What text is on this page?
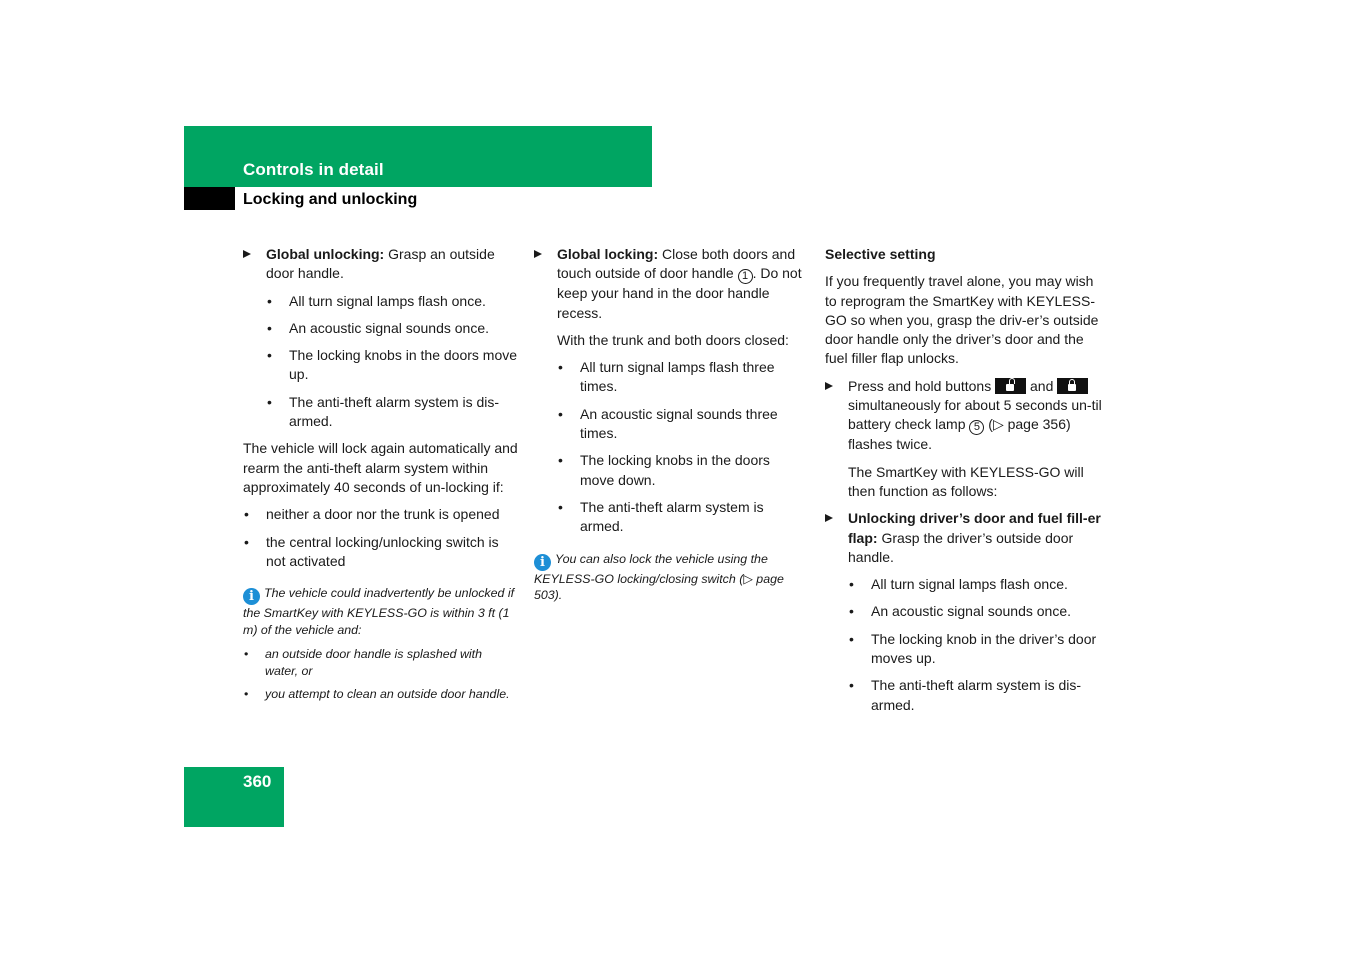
Controls in detail
Locking and unlocking
Global unlocking: Grasp an outside door handle.
• All turn signal lamps flash once.
• An acoustic signal sounds once.
• The locking knobs in the doors move up.
• The anti-theft alarm system is dis-armed.

The vehicle will lock again automatically and rearm the anti-theft alarm system within approximately 40 seconds of un-locking if:

• neither a door nor the trunk is opened
• the central locking/unlocking switch is not activated

i The vehicle could inadvertently be unlocked if the SmartKey with KEYLESS-GO is within 3 ft (1 m) of the vehicle and:

• an outside door handle is splashed with water, or
• you attempt to clean an outside door handle.
Global locking: Close both doors and touch outside of door handle 1 . Do not keep your hand in the door handle recess.

With the trunk and both doors closed:

• All turn signal lamps flash three times.
• An acoustic signal sounds three times.
• The locking knobs in the doors move down.
• The anti-theft alarm system is armed.

i You can also lock the vehicle using the KEYLESS-GO locking/closing switch (▷ page 503).

Selective setting

If you frequently travel alone, you may wish to reprogram the SmartKey with KEYLESS-GO so when you, grasp the driv-er’s outside door handle only the driver’s door and the fuel filler flap unlocks.

Press and hold buttons
and
simultaneously for about 5 seconds un-til battery check lamp 5 (▷ page 356) flashes twice.

The SmartKey with KEYLESS-GO will then function as follows:

Unlocking driver’s door and fuel fill-er flap: Grasp the driver’s outside door handle.
• All turn signal lamps flash once.
• An acoustic signal sounds once.
• The locking knob in the driver’s door moves up.
• The anti-theft alarm system is dis-armed.
360
